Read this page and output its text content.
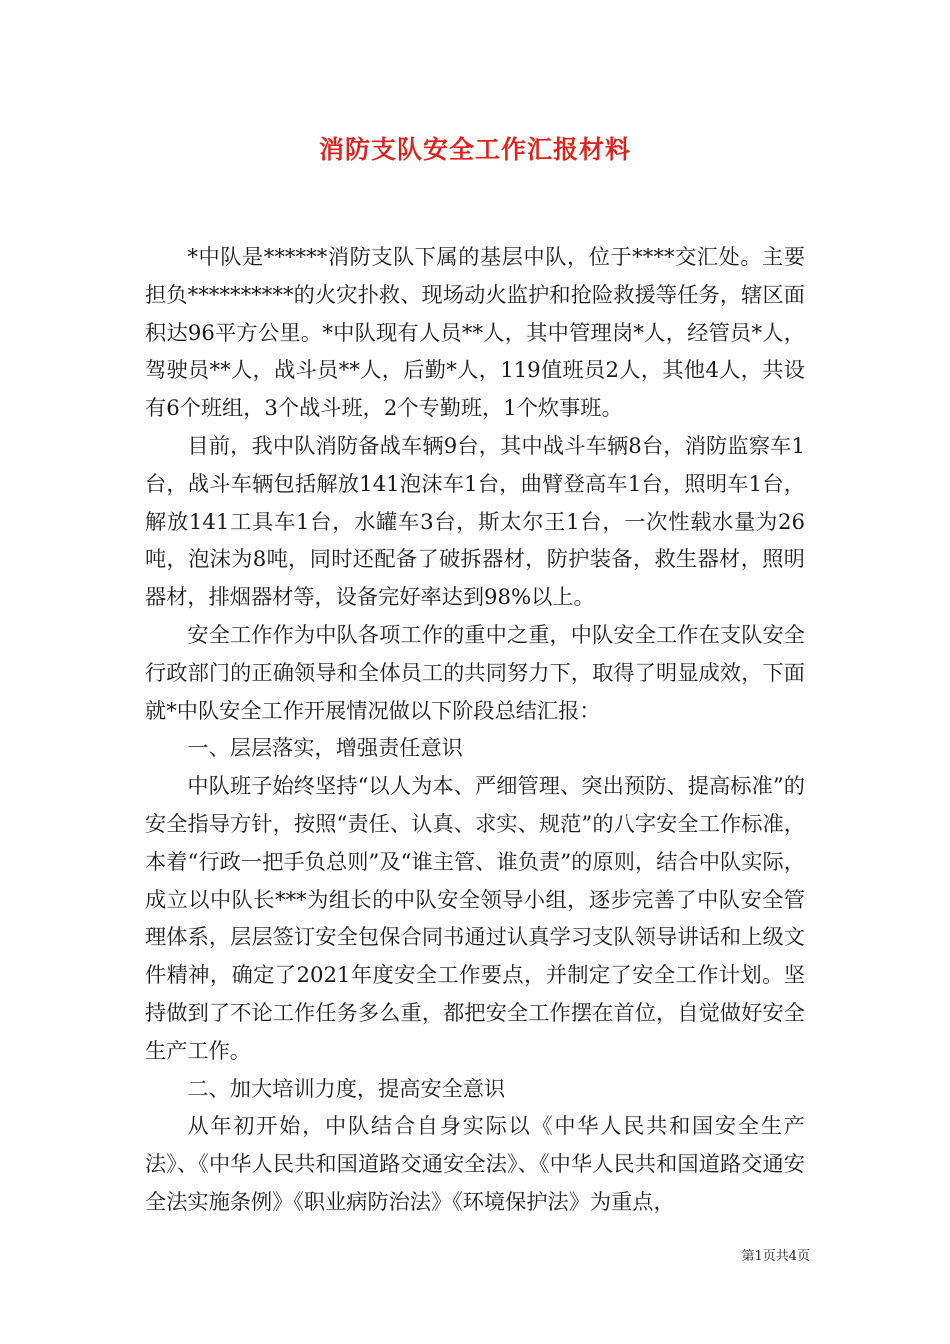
消防支队安全工作汇报材料

*中队是******消防支队下属的基层中队，位于****交汇处。主要担负**********的火灾扑救、现场动火监护和抢险救援等任务，辖区面积达96平方公里。*中队现有人员**人，其中管理岗*人，经管员*人，驾驶员**人，战斗员**人，后勤*人，119值班员2人，其他4人，共设有6个班组，3个战斗班，2个专勤班，1个炊事班。

目前，我中队消防备战车辆9台，其中战斗车辆8台，消防监察车1台，战斗车辆包括解放141泡沫车1台，曲臂登高车1台，照明车1台，解放141工具车1台，水罐车3台，斯太尔王1台，一次性载水量为26吨，泡沫为8吨，同时还配备了破拆器材，防护装备，救生器材，照明器材，排烟器材等，设备完好率达到98%以上。

安全工作作为中队各项工作的重中之重，中队安全工作在支队安全行政部门的正确领导和全体员工的共同努力下，取得了明显成效，下面就*中队安全工作开展情况做以下阶段总结汇报：

一、层层落实，增强责任意识

中队班子始终坚持“以人为本、严细管理、突出预防、提高标准”的安全指导方针，按照“责任、认真、求实、规范”的八字安全工作标准，本着“行政一把手负总则”及“谁主管、谁负责”的原则，结合中队实际，成立以中队长***为组长的中队安全领导小组，逐步完善了中队安全管理体系，层层签订安全包保合同书通过认真学习支队领导讲话和上级文件精神，确定了2021年度安全工作要点，并制定了安全工作计划。坚持做到了不论工作任务多么重，都把安全工作摆在首位，自觉做好安全生产工作。

二、加大培训力度，提高安全意识

从年初开始，中队结合自身实际以《中华人民共和国安全生产法》、《中华人民共和国道路交通安全法》、《中华人民共和国道路交通安全法实施条例》《职业病防治法》《环境保护法》为重点，

第1页共4页
